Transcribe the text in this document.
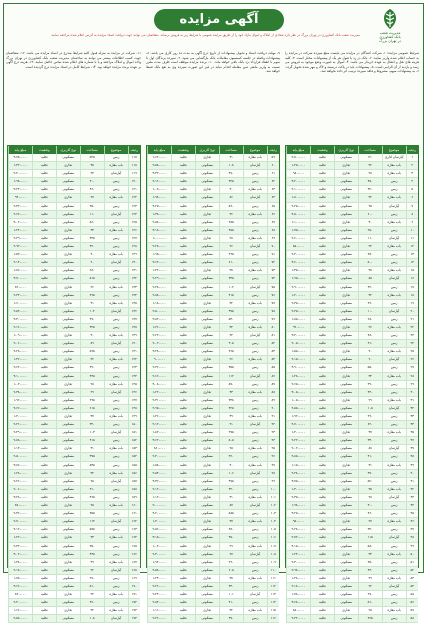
مدیریت شعب
بانک کشاورزی
در تهران بزرگ
آگهی مزایده
مدیریت شعب بانک کشاورزی در تهران بزرگ در نظر دارد تعدادی از املاک و اموال مازاد خود را از طریق مزایده عمومی با شرایط زیر به فروش برساند. متقاضیان می توانند جهت دریافت اسناد مزایده به آدرس اعلام شده مراجعه نمایند.
شرایط عمومی مزایده: ۱- شرکت کنندگان در مزایده می بایست مبلغ سپرده شرکت در مزایده را به حساب اعلام شده واریز نمایند. ۲- بانک در رد یا قبول هر یک از پیشنهادات مختار است. ۳- کلیه هزینه های نقل و انتقال به عهده خریدار می باشد. ۴- اموال به صورت وضع موجود به فروش می رسد و بازدید از آن الزامی است. ۵- پیشنهادات باید در پاکت دربسته و لاک و مهر شده تحویل گردد. ۶- به پیشنهادات مبهم، مشروط و فاقد سپرده ترتیب اثر داده نخواهد شد.
۷- مهلت دریافت اسناد و تحویل پیشنهادات از تاریخ درج آگهی به مدت ده روز کاری می باشد. ۸- پیشنهادات واصله در جلسه کمیسیون معاملات بانک بازگشایی می شود. ۹- سپرده برندگان اول تا سوم تا انعقاد قرارداد نزد بانک باقی خواهد ماند. ۱۰- برنده مزایده موظف است ظرف مدت مقرر نسبت به واریز مابقی ثمن معامله اقدام نماید در غیر این صورت سپرده وی به نفع بانک ضبط خواهد شد.
۱۱- شرکت در مزایده به منزله قبول کلیه شرایط مندرج در اسناد مزایده می باشد. ۱۲- متقاضیان جهت کسب اطلاعات بیشتر می توانند به ساختمان مدیریت شعب بانک کشاورزی در تهران بزرگ واحد اموال و املاک مراجعه و یا با شماره های اعلام شده تماس حاصل نمایند. ۱۳- هزینه درج آگهی بر عهده برنده مزایده خواهد بود. ۱۴- شرایط کامل در اسناد مزایده درج گردیده است.
ردیف
موضوع
مساحت
نوع کاربری
وضعیت
مبلغ پایه
۱
آپارتمان اداری
۱۲۰
مسکونی
تخلیه
۲،۸۰۰،۰۰۰
۲
باب مغازه
۳۶
تجاری
تخلیه
۱،۴۵۰،۰۰۰
۳
باب مغازه
۲۸
تجاری
تخلیه
۹۸۰،۰۰۰
۴
زمین
۴۵۰
مسکونی
تخلیه
۳،۲۰۰،۰۰۰
۵
زمین
۳۲۰
مسکونی
تخلیه
۲،۱۰۰،۰۰۰
۶
باب مغازه
۴۲
تجاری
تخلیه
۱،۸۰۰،۰۰۰
۷
آپارتمان
۹۵
مسکونی
تخلیه
۲،۲۵۰،۰۰۰
۸
زمین
۶۰۰
مسکونی
تخلیه
۴،۵۰۰،۰۰۰
۹
باب مغازه
۳۰
تجاری
تخلیه
۱،۱۰۰،۰۰۰
۱۰
زمین
۲۵۰
مسکونی
تخلیه
۱،۷۵۰،۰۰۰
۱۱
آپارتمان
۱۱۰
مسکونی
تخلیه
۲،۶۰۰،۰۰۰
۱۲
باب مغازه
۲۴
تجاری
تخلیه
۸۵۰،۰۰۰
۱۳
زمین
۳۸۰
مسکونی
تخلیه
۲،۴۰۰،۰۰۰
۱۴
زمین
۵۰۰
مسکونی
تخلیه
۳،۶۰۰،۰۰۰
۱۵
باب مغازه
۳۸
تجاری
تخلیه
۱،۳۵۰،۰۰۰
۱۶
آپارتمان
۸۵
مسکونی
تخلیه
۱،۹۵۰،۰۰۰
۱۷
زمین
۴۲۰
مسکونی
تخلیه
۲،۹۰۰،۰۰۰
۱۸
باب مغازه
۳۲
تجاری
تخلیه
۱،۲۰۰،۰۰۰
۱۹
زمین
۳۶۰
مسکونی
تخلیه
۲،۳۵۰،۰۰۰
۲۰
آپارتمان
۱۰۰
مسکونی
تخلیه
۲،۴۵۰،۰۰۰
۲۱
زمین
۲۸۰
مسکونی
تخلیه
۱،۸۵۰،۰۰۰
۲۲
باب مغازه
۲۶
تجاری
تخلیه
۹۲۰،۰۰۰
۲۳
زمین
۴۸۰
مسکونی
تخلیه
۳،۴۰۰،۰۰۰
۲۴
زمین
۳۱۰
مسکونی
تخلیه
۲،۰۵۰،۰۰۰
۲۵
باب مغازه
۴۰
تجاری
تخلیه
۱،۵۵۰،۰۰۰
۲۶
آپارتمان
۹۰
مسکونی
تخلیه
۲،۱۵۰،۰۰۰
۲۷
زمین
۵۵۰
مسکونی
تخلیه
۳،۹۰۰،۰۰۰
۲۸
باب مغازه
۳۴
تجاری
تخلیه
۱،۲۸۰،۰۰۰
۲۹
زمین
۳۹۰
مسکونی
تخلیه
۲،۶۵۰،۰۰۰
۳۰
زمین
۴۴۰
مسکونی
تخلیه
۳،۰۵۰،۰۰۰
۳۱
باب مغازه
۲۹
تجاری
تخلیه
۱،۰۵۰،۰۰۰
۳۲
آپارتمان
۱۰۵
مسکونی
تخلیه
۲،۵۵۰،۰۰۰
۳۳
زمین
۲۹۰
مسکونی
تخلیه
۱،۹۲۰،۰۰۰
۳۴
زمین
۶۲۰
مسکونی
تخلیه
۴،۷۰۰،۰۰۰
۳۵
باب مغازه
۳۷
تجاری
تخلیه
۱،۴۰۰،۰۰۰
۳۶
زمین
۳۳۰
مسکونی
تخلیه
۲،۲۲۰،۰۰۰
۳۷
آپارتمان
۸۸
مسکونی
تخلیه
۲،۰۲۰،۰۰۰
۳۸
زمین
۴۱۰
مسکونی
تخلیه
۲،۸۵۰،۰۰۰
۳۹
باب مغازه
۳۱
تجاری
تخلیه
۱،۱۵۰،۰۰۰
۴۰
زمین
۳۷۰
مسکونی
تخلیه
۲،۴۸۰،۰۰۰
۴۱
زمین
۵۲۰
مسکونی
تخلیه
۳،۷۵۰،۰۰۰
۴۲
باب مغازه
۳۵
تجاری
تخلیه
۱،۳۰۰،۰۰۰
۴۳
آپارتمان
۹۸
مسکونی
تخلیه
۲،۳۵۰،۰۰۰
۴۴
زمین
۳۰۰
مسکونی
تخلیه
۱،۹۸۰،۰۰۰
۴۵
زمین
۴۶۰
مسکونی
تخلیه
۳،۲۵۰،۰۰۰
۴۶
باب مغازه
۲۷
تجاری
تخلیه
۹۵۰،۰۰۰
۴۷
زمین
۳۴۰
مسکونی
تخلیه
۲،۲۸۰،۰۰۰
۴۸
آپارتمان
۱۱۵
مسکونی
تخلیه
۲،۷۲۰،۰۰۰
۴۹
زمین
۵۸۰
مسکونی
تخلیه
۴،۱۵۰،۰۰۰
۵۰
باب مغازه
۳۳
تجاری
تخلیه
۱،۲۳۰،۰۰۰
۵۱
زمین
۳۵۰
مسکونی
تخلیه
۲،۳۰۰،۰۰۰
۵۲
زمین
۴۳۰
مسکونی
تخلیه
۲،۹۸۰،۰۰۰
۵۳
باب مغازه
۳۹
تجاری
تخلیه
۱،۴۸۰،۰۰۰
۵۴
آپارتمان
۹۲
مسکونی
تخلیه
۲،۱۸۰،۰۰۰
۵۵
زمین
۲۷۰
مسکونی
تخلیه
۱،۷۸۰،۰۰۰
۵۶
زمین
۵۱۰
مسکونی
تخلیه
۳،۶۸۰،۰۰۰
۵۷
باب مغازه
۲۵
تجاری
تخلیه
۸۸۰،۰۰۰
۵۸
زمین
۳۶۵
مسکونی
تخلیه
۲،۴۲۰،۰۰۰
ردیف
موضوع
مساحت
نوع کاربری
وضعیت
مبلغ پایه
۵۹
باب مغازه
۴۱
تجاری
تخلیه
۱،۶۲۰،۰۰۰
۶۰
آپارتمان
۱۰۸
مسکونی
تخلیه
۲،۵۸۰،۰۰۰
۶۱
زمین
۴۷۰
مسکونی
تخلیه
۳،۳۲۰،۰۰۰
۶۲
زمین
۳۲۵
مسکونی
تخلیه
۲،۱۶۰،۰۰۰
۶۳
باب مغازه
۳۰
تجاری
تخلیه
۱،۰۸۰،۰۰۰
۶۴
آپارتمان
۸۶
مسکونی
تخلیه
۱،۹۸۰،۰۰۰
۶۵
زمین
۵۹۰
مسکونی
تخلیه
۴،۲۵۰،۰۰۰
۶۶
باب مغازه
۳۶
تجاری
تخلیه
۱،۳۸۰،۰۰۰
۶۷
زمین
۳۸۵
مسکونی
تخلیه
۲،۵۸۰،۰۰۰
۶۸
زمین
۴۵۵
مسکونی
تخلیه
۳،۱۸۰،۰۰۰
۶۹
باب مغازه
۲۸
تجاری
تخلیه
۱،۰۰۰،۰۰۰
۷۰
آپارتمان
۹۶
مسکونی
تخلیه
۲،۲۸۰،۰۰۰
۷۱
زمین
۲۹۵
مسکونی
تخلیه
۱،۹۵۰،۰۰۰
۷۲
زمین
۶۱۰
مسکونی
تخلیه
۴،۶۲۰،۰۰۰
۷۳
باب مغازه
۳۸
تجاری
تخلیه
۱،۴۲۰،۰۰۰
۷۴
زمین
۳۴۵
مسکونی
تخلیه
۲،۲۹۰،۰۰۰
۷۵
آپارتمان
۱۰۲
مسکونی
تخلیه
۲،۴۸۰،۰۰۰
۷۶
زمین
۴۱۵
مسکونی
تخلیه
۲،۸۸۰،۰۰۰
۷۷
باب مغازه
۳۲
تجاری
تخلیه
۱،۱۸۰،۰۰۰
۷۸
زمین
۳۷۵
مسکونی
تخلیه
۲،۵۰۰،۰۰۰
۷۹
زمین
۵۳۰
مسکونی
تخلیه
۳،۸۲۰،۰۰۰
۸۰
باب مغازه
۳۴
تجاری
تخلیه
۱،۲۶۰،۰۰۰
۸۱
آپارتمان
۹۴
مسکونی
تخلیه
۲،۲۲۰،۰۰۰
۸۲
زمین
۳۰۵
مسکونی
تخلیه
۲،۰۲۰،۰۰۰
۸۳
زمین
۴۶۵
مسکونی
تخلیه
۳،۲۸۰،۰۰۰
۸۴
باب مغازه
۲۶
تجاری
تخلیه
۹۰۰،۰۰۰
۸۵
زمین
۳۵۵
مسکونی
تخلیه
۲،۳۶۰،۰۰۰
۸۶
آپارتمان
۱۱۲
مسکونی
تخلیه
۲،۶۶۰،۰۰۰
۸۷
زمین
۵۷۰
مسکونی
تخلیه
۴،۰۸۰،۰۰۰
۸۸
باب مغازه
۳۳
تجاری
تخلیه
۱،۲۲۰،۰۰۰
۸۹
زمین
۳۴۸
مسکونی
تخلیه
۲،۳۱۰،۰۰۰
۹۰
زمین
۴۲۵
مسکونی
تخلیه
۲،۹۵۰،۰۰۰
۹۱
باب مغازه
۳۹
تجاری
تخلیه
۱،۴۶۰،۰۰۰
۹۲
آپارتمان
۹۱
مسکونی
تخلیه
۲،۱۲۰،۰۰۰
۹۳
زمین
۲۷۵
مسکونی
تخلیه
۱،۸۲۰،۰۰۰
۹۴
زمین
۵۰۵
مسکونی
تخلیه
۳،۶۲۰،۰۰۰
۹۵
باب مغازه
۲۵
تجاری
تخلیه
۸۶۰،۰۰۰
۹۶
زمین
۳۶۰
مسکونی
تخلیه
۲،۴۰۰،۰۰۰
۹۷
باب مغازه
۴۰
تجاری
تخلیه
۱،۵۸۰،۰۰۰
۹۸
آپارتمان
۱۰۶
مسکونی
تخلیه
۲،۵۴۰،۰۰۰
۹۹
زمین
۴۷۵
مسکونی
تخلیه
۳،۳۶۰،۰۰۰
۱۰۰
زمین
۳۲۰
مسکونی
تخلیه
۲،۱۲۰،۰۰۰
۱۰۱
باب مغازه
۳۱
تجاری
تخلیه
۱،۱۲۰،۰۰۰
۱۰۲
آپارتمان
۸۷
مسکونی
تخلیه
۲،۰۰۰،۰۰۰
۱۰۳
زمین
۵۸۵
مسکونی
تخلیه
۴،۲۰۰،۰۰۰
۱۰۴
باب مغازه
۳۷
تجاری
تخلیه
۱،۴۰۰،۰۰۰
۱۰۵
زمین
۳۸۰
مسکونی
تخلیه
۲،۵۶۰،۰۰۰
۱۰۶
زمین
۴۵۰
مسکونی
تخلیه
۳،۱۵۰،۰۰۰
۱۰۷
باب مغازه
۲۹
تجاری
تخلیه
۱،۰۴۰،۰۰۰
۱۰۸
آپارتمان
۹۷
مسکونی
تخلیه
۲،۳۰۰،۰۰۰
۱۰۹
زمین
۲۹۰
مسکونی
تخلیه
۱،۹۲۰،۰۰۰
۱۱۰
زمین
۶۰۵
مسکونی
تخلیه
۴،۵۸۰،۰۰۰
۱۱۱
باب مغازه
۳۸
تجاری
تخلیه
۱،۴۴۰،۰۰۰
۱۱۲
زمین
۳۴۰
مسکونی
تخلیه
۲،۲۶۰،۰۰۰
۱۱۳
آپارتمان
۱۰۱
مسکونی
تخلیه
۲،۴۴۰،۰۰۰
۱۱۴
زمین
۴۱۰
مسکونی
تخلیه
۲،۸۴۰،۰۰۰
۱۱۵
باب مغازه
۳۲
تجاری
تخلیه
۱،۱۶۰،۰۰۰
۱۱۶
زمین
۳۷۰
مسکونی
تخلیه
۲،۴۶۰،۰۰۰
ردیف
موضوع
مساحت
نوع کاربری
وضعیت
مبلغ پایه
۱۱۷
زمین
۵۲۵
مسکونی
تخلیه
۳،۷۸۰،۰۰۰
۱۱۸
باب مغازه
۳۵
تجاری
تخلیه
۱،۳۲۰،۰۰۰
۱۱۹
آپارتمان
۹۳
مسکونی
تخلیه
۲،۲۰۰،۰۰۰
۱۲۰
زمین
۳۰۰
مسکونی
تخلیه
۱،۹۸۰،۰۰۰
۱۲۱
زمین
۴۶۰
مسکونی
تخلیه
۳،۲۴۰،۰۰۰
۱۲۲
باب مغازه
۲۷
تجاری
تخلیه
۹۴۰،۰۰۰
۱۲۳
زمین
۳۵۰
مسکونی
تخلیه
۲،۳۲۰،۰۰۰
۱۲۴
آپارتمان
۱۱۰
مسکونی
تخلیه
۲،۶۲۰،۰۰۰
۱۲۵
زمین
۵۶۰
مسکونی
تخلیه
۴،۰۲۰،۰۰۰
۱۲۶
باب مغازه
۳۳
تجاری
تخلیه
۱،۲۴۰،۰۰۰
۱۲۷
زمین
۳۴۵
مسکونی
تخلیه
۲،۲۹۰،۰۰۰
۱۲۸
زمین
۴۲۰
مسکونی
تخلیه
۲،۹۲۰،۰۰۰
۱۲۹
باب مغازه
۴۰
تجاری
تخلیه
۱،۵۲۰،۰۰۰
۱۳۰
آپارتمان
۹۰
مسکونی
تخلیه
۲،۱۴۰،۰۰۰
۱۳۱
زمین
۲۸۰
مسکونی
تخلیه
۱،۸۶۰،۰۰۰
۱۳۲
زمین
۵۱۵
مسکونی
تخلیه
۳،۷۰۰،۰۰۰
۱۳۳
باب مغازه
۲۶
تجاری
تخلیه
۸۹۰،۰۰۰
۱۳۴
زمین
۳۶۵
مسکونی
تخلیه
۲،۴۴۰،۰۰۰
۱۳۵
باب مغازه
۴۱
تجاری
تخلیه
۱،۶۰۰،۰۰۰
۱۳۶
آپارتمان
۱۰۴
مسکونی
تخلیه
۲،۵۲۰،۰۰۰
۱۳۷
زمین
۴۷۰
مسکونی
تخلیه
۳،۳۰۰،۰۰۰
۱۳۸
زمین
۳۲۵
مسکونی
تخلیه
۲،۱۶۰،۰۰۰
۱۳۹
باب مغازه
۳۰
تجاری
تخلیه
۱،۰۹۰،۰۰۰
۱۴۰
آپارتمان
۸۹
مسکونی
تخلیه
۲،۰۶۰،۰۰۰
۱۴۱
زمین
۵۹۵
مسکونی
تخلیه
۴،۲۸۰،۰۰۰
۱۴۲
باب مغازه
۳۶
تجاری
تخلیه
۱،۳۶۰،۰۰۰
۱۴۳
زمین
۳۹۰
مسکونی
تخلیه
۲،۶۲۰،۰۰۰
۱۴۴
زمین
۴۴۵
مسکونی
تخلیه
۳،۱۰۰،۰۰۰
۱۴۵
باب مغازه
۲۸
تجاری
تخلیه
۱،۰۲۰،۰۰۰
۱۴۶
آپارتمان
۹۹
مسکونی
تخلیه
۲،۳۸۰،۰۰۰
۱۴۷
زمین
۲۹۵
مسکونی
تخلیه
۱،۹۶۰،۰۰۰
۱۴۸
زمین
۶۱۵
مسکونی
تخلیه
۴،۶۶۰،۰۰۰
۱۴۹
باب مغازه
۳۷
تجاری
تخلیه
۱،۴۰۰،۰۰۰
۱۵۰
زمین
۳۴۰
مسکونی
تخلیه
۲،۲۶۰،۰۰۰
۱۵۱
آپارتمان
۱۰۳
مسکونی
تخلیه
۲،۴۹۰،۰۰۰
۱۵۲
زمین
۴۱۵
مسکونی
تخلیه
۲،۸۸۰،۰۰۰
۱۵۳
باب مغازه
۳۱
تجاری
تخلیه
۱،۱۴۰،۰۰۰
۱۵۴
زمین
۳۷۵
مسکونی
تخلیه
۲،۵۰۰،۰۰۰
۱۵۵
زمین
۵۳۵
مسکونی
تخلیه
۳،۸۶۰،۰۰۰
۱۵۶
باب مغازه
۳۴
تجاری
تخلیه
۱،۲۸۰،۰۰۰
۱۵۷
آپارتمان
۹۵
مسکونی
تخلیه
۲،۲۶۰،۰۰۰
۱۵۸
زمین
۳۱۰
مسکونی
تخلیه
۲،۰۶۰،۰۰۰
۱۵۹
زمین
۴۶۵
مسکونی
تخلیه
۳،۲۸۰،۰۰۰
۱۶۰
باب مغازه
۲۵
تجاری
تخلیه
۸۷۰،۰۰۰
۱۶۱
زمین
۳۵۵
مسکونی
تخلیه
۲،۳۶۰،۰۰۰
۱۶۲
آپارتمان
۱۱۴
مسکونی
تخلیه
۲،۷۰۰،۰۰۰
۱۶۳
زمین
۵۷۵
مسکونی
تخلیه
۴،۱۲۰،۰۰۰
۱۶۴
باب مغازه
۳۳
تجاری
تخلیه
۱،۲۲۰،۰۰۰
۱۶۵
زمین
۳۵۰
مسکونی
تخلیه
۲،۳۲۰،۰۰۰
۱۶۶
زمین
۴۳۵
مسکونی
تخلیه
۳،۰۲۰،۰۰۰
۱۶۷
باب مغازه
۳۹
تجاری
تخلیه
۱،۴۸۰،۰۰۰
۱۶۸
آپارتمان
۹۲
مسکونی
تخلیه
۲،۱۸۰،۰۰۰
۱۶۹
زمین
۲۷۰
مسکونی
تخلیه
۱،۷۸۰،۰۰۰
۱۷۰
زمین
۵۱۰
مسکونی
تخلیه
۳،۶۶۰،۰۰۰
۱۷۱
باب مغازه
۲۴
تجاری
تخلیه
۸۴۰،۰۰۰
۱۷۲
زمین
۳۶۰
مسکونی
تخلیه
۲،۴۰۰،۰۰۰
۱۷۳
باب مغازه
۴۲
تجاری
تخلیه
۱،۶۶۰،۰۰۰
۱۷۴
آپارتمان
۱۰۸
مسکونی
تخلیه
۲،۵۸۰،۰۰۰
